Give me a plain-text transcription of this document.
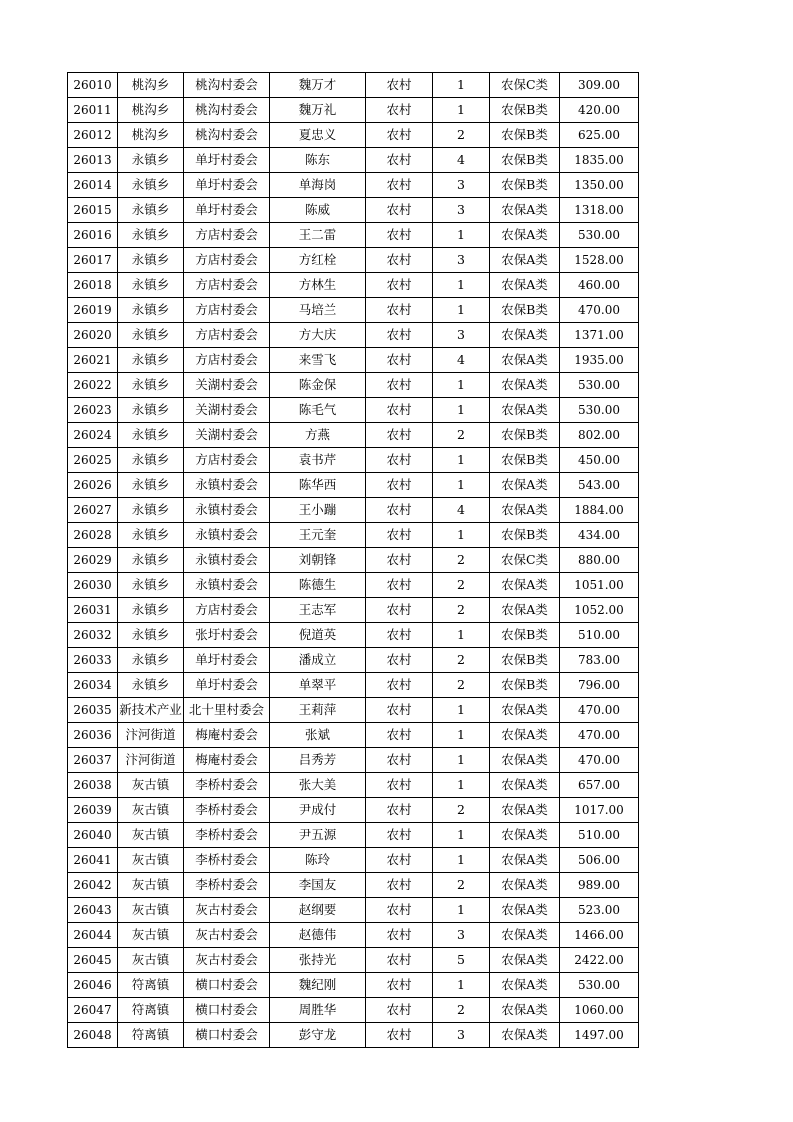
26010	桃沟乡	桃沟村委会	魏万才	农村	1	农保C类	309.00
26011	桃沟乡	桃沟村委会	魏万礼	农村	1	农保B类	420.00
26012	桃沟乡	桃沟村委会	夏忠义	农村	2	农保B类	625.00
26013	永镇乡	单圩村委会	陈东	农村	4	农保B类	1835.00
26014	永镇乡	单圩村委会	单海岗	农村	3	农保B类	1350.00
26015	永镇乡	单圩村委会	陈威	农村	3	农保A类	1318.00
26016	永镇乡	方店村委会	王二雷	农村	1	农保A类	530.00
26017	永镇乡	方店村委会	方红栓	农村	3	农保A类	1528.00
26018	永镇乡	方店村委会	方林生	农村	1	农保A类	460.00
26019	永镇乡	方店村委会	马培兰	农村	1	农保B类	470.00
26020	永镇乡	方店村委会	方大庆	农村	3	农保A类	1371.00
26021	永镇乡	方店村委会	来雪飞	农村	4	农保A类	1935.00
26022	永镇乡	关湖村委会	陈金保	农村	1	农保A类	530.00
26023	永镇乡	关湖村委会	陈毛气	农村	1	农保A类	530.00
26024	永镇乡	关湖村委会	方燕	农村	2	农保B类	802.00
26025	永镇乡	方店村委会	袁书芹	农村	1	农保B类	450.00
26026	永镇乡	永镇村委会	陈华西	农村	1	农保A类	543.00
26027	永镇乡	永镇村委会	王小蹦	农村	4	农保A类	1884.00
26028	永镇乡	永镇村委会	王元奎	农村	1	农保B类	434.00
26029	永镇乡	永镇村委会	刘朝锋	农村	2	农保C类	880.00
26030	永镇乡	永镇村委会	陈德生	农村	2	农保A类	1051.00
26031	永镇乡	方店村委会	王志军	农村	2	农保A类	1052.00
26032	永镇乡	张圩村委会	倪道英	农村	1	农保B类	510.00
26033	永镇乡	单圩村委会	潘成立	农村	2	农保B类	783.00
26034	永镇乡	单圩村委会	单翠平	农村	2	农保B类	796.00
26035	新技术产业	北十里村委会	王莉萍	农村	1	农保A类	470.00
26036	汴河街道	梅庵村委会	张斌	农村	1	农保A类	470.00
26037	汴河街道	梅庵村委会	吕秀芳	农村	1	农保A类	470.00
26038	灰古镇	李桥村委会	张大美	农村	1	农保A类	657.00
26039	灰古镇	李桥村委会	尹成付	农村	2	农保A类	1017.00
26040	灰古镇	李桥村委会	尹五源	农村	1	农保A类	510.00
26041	灰古镇	李桥村委会	陈玲	农村	1	农保A类	506.00
26042	灰古镇	李桥村委会	李国友	农村	2	农保A类	989.00
26043	灰古镇	灰古村委会	赵纲要	农村	1	农保A类	523.00
26044	灰古镇	灰古村委会	赵德伟	农村	3	农保A类	1466.00
26045	灰古镇	灰古村委会	张持光	农村	5	农保A类	2422.00
26046	符离镇	横口村委会	魏纪刚	农村	1	农保A类	530.00
26047	符离镇	横口村委会	周胜华	农村	2	农保A类	1060.00
26048	符离镇	横口村委会	彭守龙	农村	3	农保A类	1497.00
